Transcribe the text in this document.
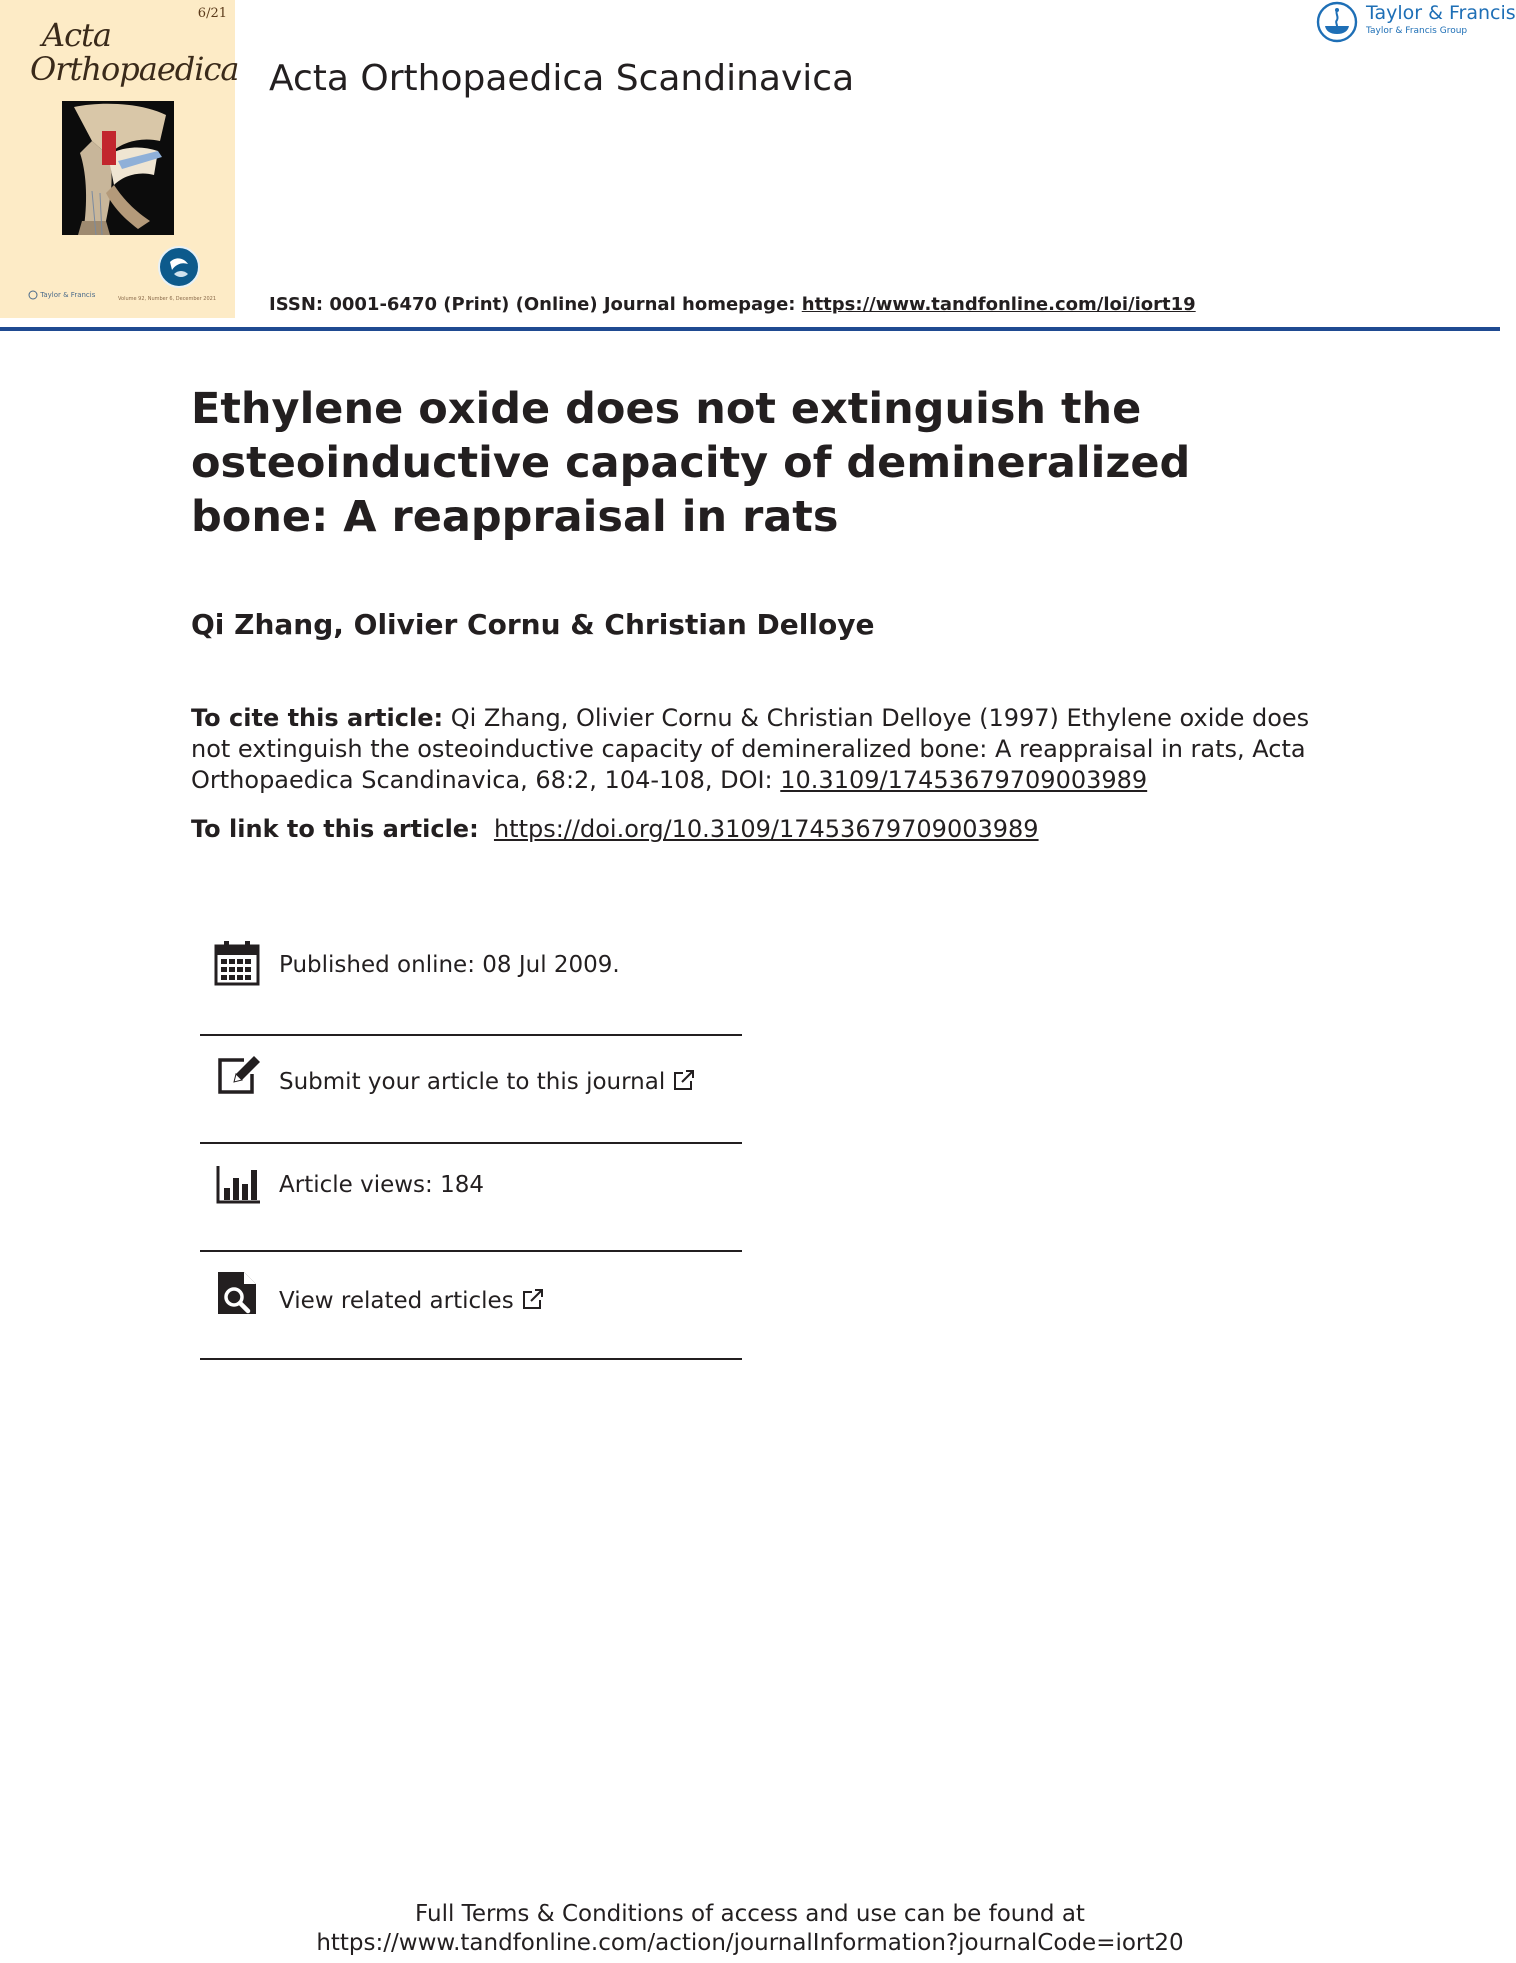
6/21
Acta
Orthopaedica
Taylor & Francis	Volume 92, Number 6, December 2021
Acta Orthopaedica Scandinavica
Taylor & Francis
Taylor & Francis Group
ISSN: 0001-6470 (Print) (Online) Journal homepage: https://www.tandfonline.com/loi/iort19
Ethylene oxide does not extinguish the osteoinductive capacity of demineralized bone: A reappraisal in rats
Qi Zhang, Olivier Cornu & Christian Delloye
To cite this article: Qi Zhang, Olivier Cornu & Christian Delloye (1997) Ethylene oxide does not extinguish the osteoinductive capacity of demineralized bone: A reappraisal in rats, Acta Orthopaedica Scandinavica, 68:2, 104-108, DOI: 10.3109/17453679709003989
To link to this article: https://doi.org/10.3109/17453679709003989
Published online: 08 Jul 2009.
Submit your article to this journal
Article views: 184
View related articles
Full Terms & Conditions of access and use can be found at
https://www.tandfonline.com/action/journalInformation?journalCode=iort20
